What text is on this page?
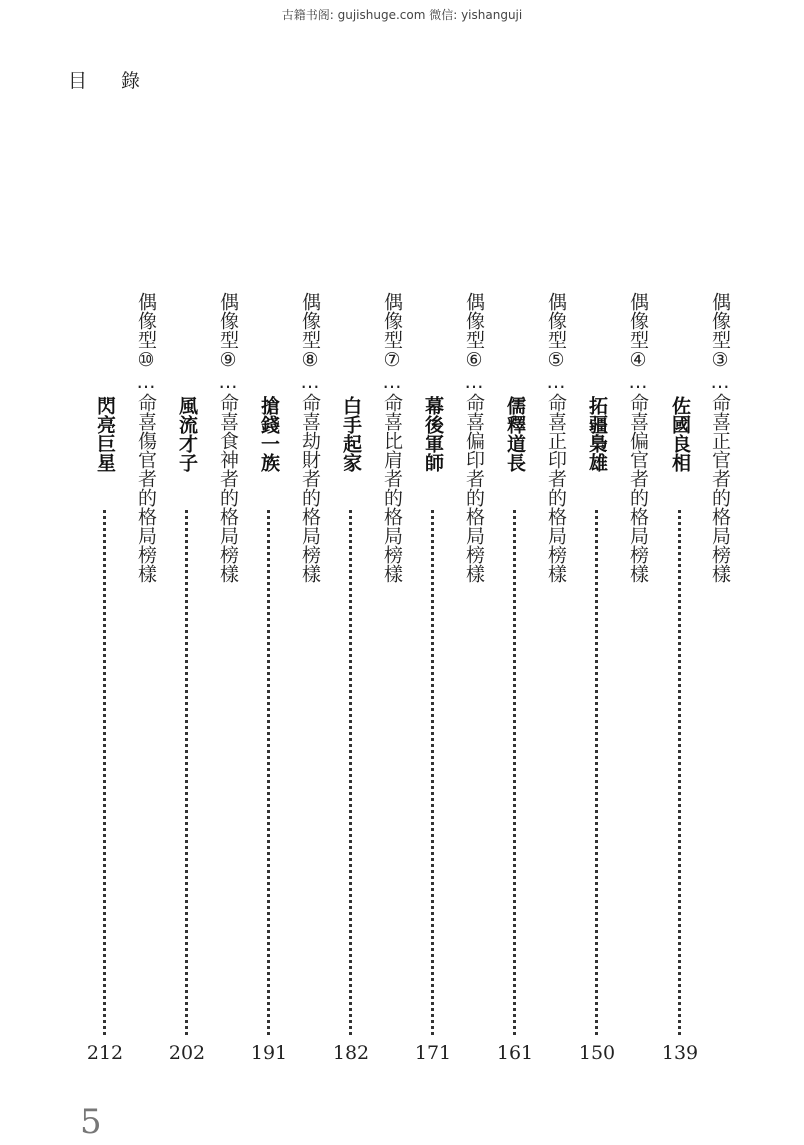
古籍书阁: gujishuge.com 微信: yishanguji
目 錄
偶像型③…命喜正官者的格局榜樣
佐國良相
139
偶像型④…命喜偏官者的格局榜樣
拓疆梟雄
150
偶像型⑤…命喜正印者的格局榜樣
儒釋道長
161
偶像型⑥…命喜偏印者的格局榜樣
幕後軍師
171
偶像型⑦…命喜比肩者的格局榜樣
白手起家
182
偶像型⑧…命喜劫財者的格局榜樣
搶錢一族
191
偶像型⑨…命喜食神者的格局榜樣
風流才子
202
偶像型⑩…命喜傷官者的格局榜樣
閃亮巨星
212
5
